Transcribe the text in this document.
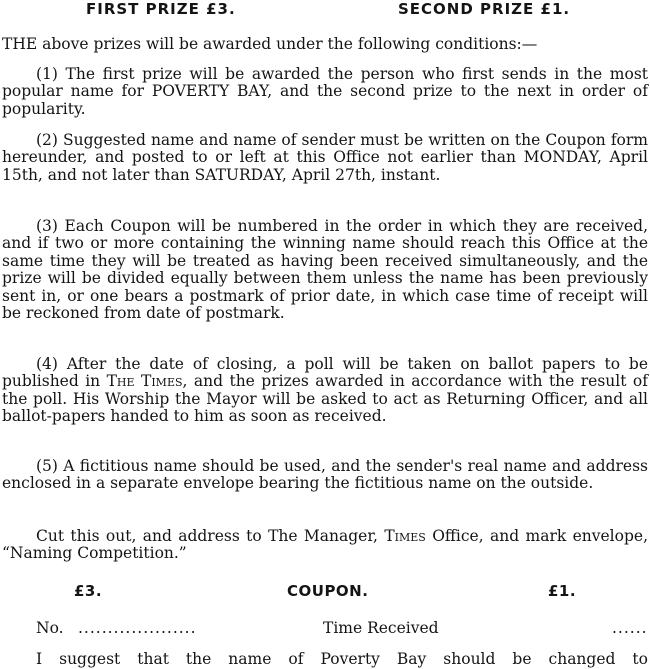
FIRST PRIZE £3.	SECOND PRIZE £1.

THE above prizes will be awarded under the following conditions:—

(1) The first prize will be awarded the person who first sends in the most popular name for POVERTY BAY, and the second prize to the next in order of popularity.

(2) Suggested name and name of sender must be written on the Coupon form hereunder, and posted to or left at this Office not earlier than MONDAY, April 15th, and not later than SATURDAY, April 27th, instant.

(3) Each Coupon will be numbered in the order in which they are received, and if two or more containing the winning name should reach this Office at the same time they will be treated as having been received simultaneously, and the prize will be divided equally between them unless the name has been previously sent in, or one bears a postmark of prior date, in which case time of receipt will be reckoned from date of postmark.

(4) After the date of closing, a poll will be taken on ballot papers to be published in The Times, and the prizes awarded in accordance with the result of the poll. His Worship the Mayor will be asked to act as Returning Officer, and all ballot-papers handed to him as soon as received.

(5) A fictitious name should be used, and the sender's real name and address enclosed in a separate envelope bearing the fictitious name on the outside.

Cut this out, and address to The Manager, Times Office, and mark envelope, “Naming Competition.”

£3.	COUPON.	£1.
No. ....................	Time Received	......
I suggest that the name of Poverty Bay should be changed to
